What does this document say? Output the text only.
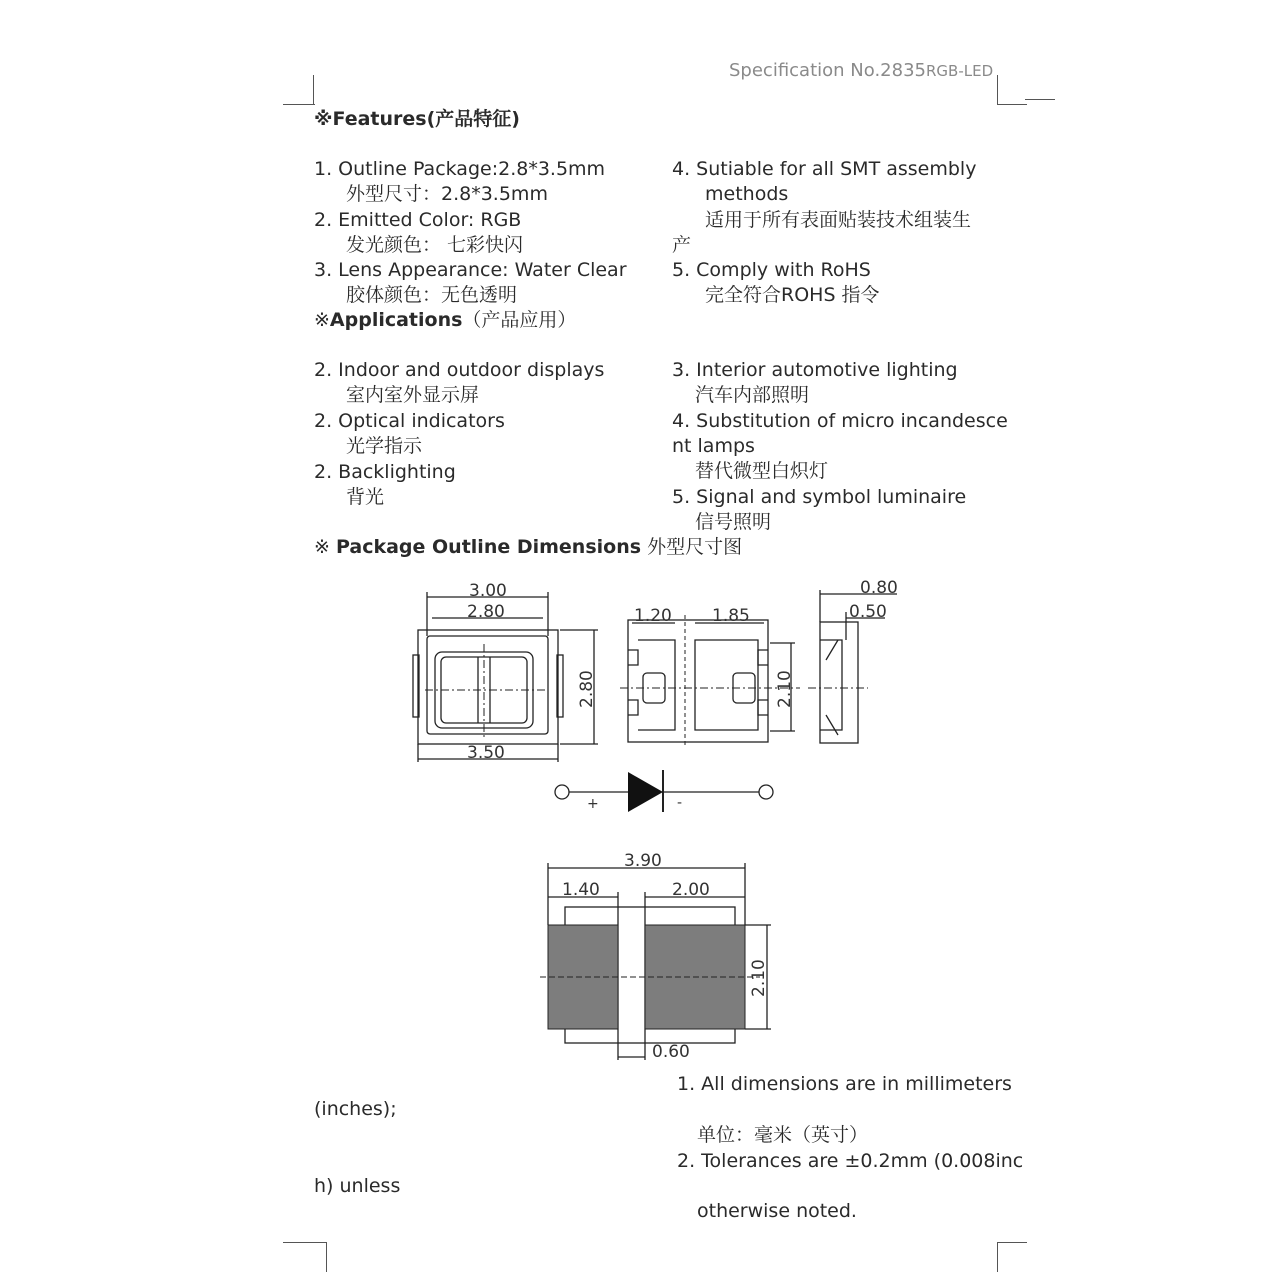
Specification No.2835RGB-LED
※Features(产品特征)
1. Outline Package:2.8*3.5mm
外型尺寸：2.8*3.5mm
2. Emitted Color: RGB
发光颜色： 七彩快闪
3. Lens Appearance: Water Clear
胶体颜色：无色透明
4. Sutiable for all SMT assembly
methods
适用于所有表面贴装技术组装生
产
5. Comply with RoHS
完全符合ROHS 指令
※Applications（产品应用）
2. Indoor and outdoor displays
室内室外显示屏
2. Optical indicators
光学指示
2. Backlighting
背光
3. Interior automotive lighting
汽车内部照明
4. Substitution of micro incandesce
nt lamps
替代微型白炽灯
5. Signal and symbol luminaire
信号照明
※ Package Outline Dimensions 外型尺寸图
3.00
2.80
3.50
2.80
1.20 1.85
2.10
0.80
0.50
3.90
1.40	2.00
2.10
0.60
+	-
1. All dimensions are in millimeters
(inches);
单位：毫米（英寸）
2. Tolerances are ±0.2mm (0.008inc
h) unless
otherwise noted.
